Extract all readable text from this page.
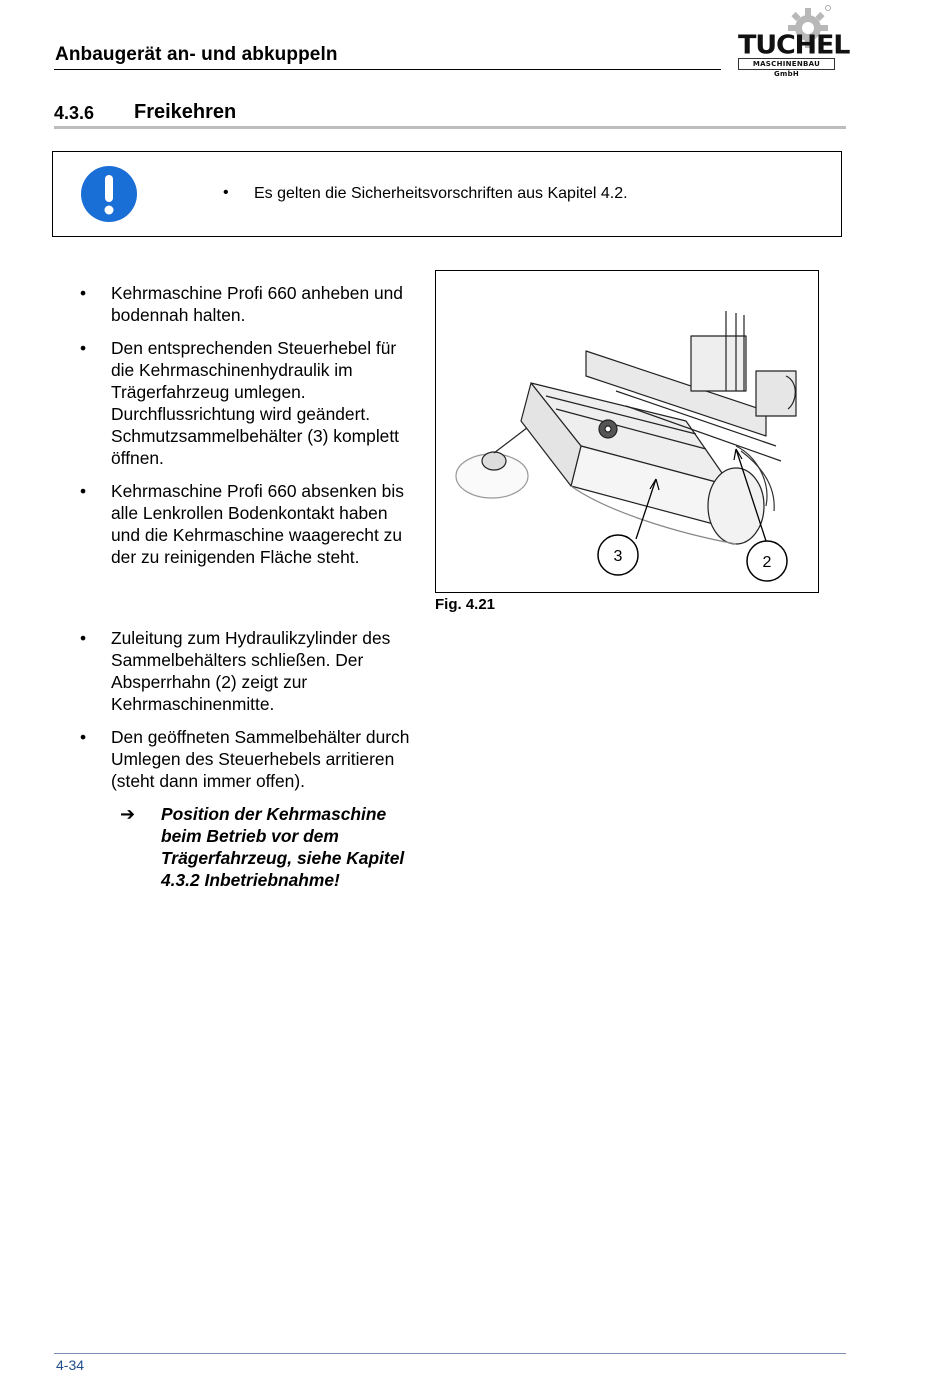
Anbaugerät an- und abkuppeln	TUCHEL
MASCHINENBAU GmbH
4.3.6 Freikehren
• Es gelten die Sicherheitsvorschriften aus Kapitel 4.2.
• Kehrmaschine Profi 660 anheben und bodennah halten.
• Den entsprechenden Steuerhebel für die Kehrmaschinenhydraulik im Trägerfahrzeug umlegen. Durchflussrichtung wird geändert. Schmutzsammelbehälter (3) komplett öffnen.
• Kehrmaschine Profi 660 absenken bis alle Lenkrollen Bodenkontakt haben und die Kehrmaschine waagerecht zu der zu reinigenden Fläche steht.
• Zuleitung zum Hydraulikzylinder des Sammelbehälters schließen. Der Absperrhahn (2) zeigt zur Kehrmaschinenmitte.
• Den geöffneten Sammelbehälter durch Umlegen des Steuerhebels arritieren (steht dann immer offen).
➔ Position der Kehrmaschine beim Betrieb vor dem Trägerfahrzeug, siehe Kapitel 4.3.2 Inbetriebnahme!
3	2
Fig. 4.21
4-34
